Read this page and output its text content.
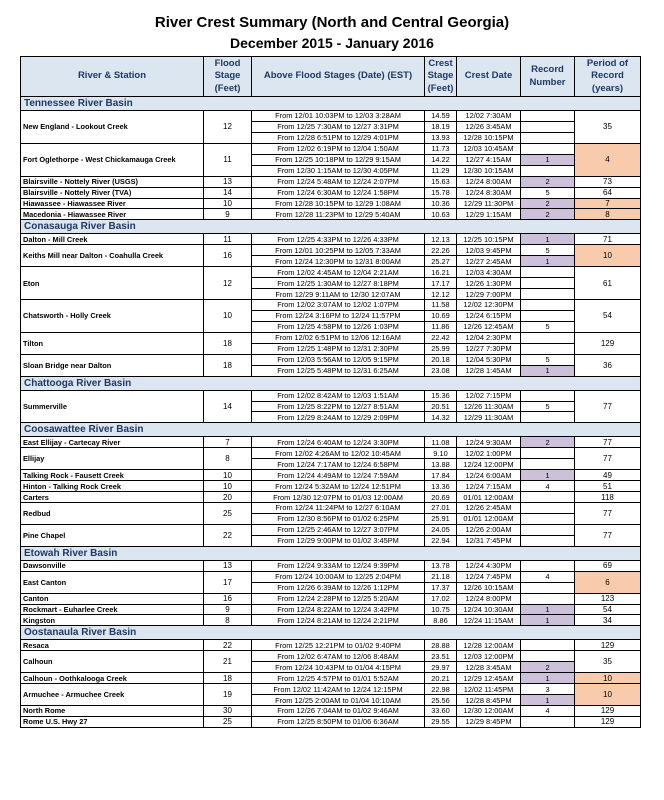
River Crest Summary (North and Central Georgia)
December 2015 - January 2016
River & Station	Flood Stage (Feet)	Above Flood Stages (Date) (EST)	Crest Stage (Feet)	Crest Date	Record Number	Period of Record (years)
Tennessee River Basin						
New England - Lookout Creek	12	From 12/01 10:03PM to 12/03 3:28AM	14.59	12/02 7:30AM		35
		From 12/25 7:30AM to 12/27 3:31PM	18.19	12/26 3:45AM		
		From 12/28 6:51PM to 12/29 4:01PM	13.93	12/28 10:15PM		
Fort Oglethorpe - West Chickamauga Creek	11	From 12/02 6:19PM to 12/04 1:50AM	11.73	12/03 10:45AM		4
		From 12/25 10:18PM to 12/29 9:15AM	14.22	12/27 4:15AM	1	
		From 12/30 1:15AM to 12/30 4:05PM	11.29	12/30 10:15AM		
Blairsville - Nottely River (USGS)	13	From 12/24 5:48AM to 12/24 2:07PM	15.63	12/24 8:00AM	2	73
Blairsville - Nottely River (TVA)	14	From 12/24 6:30AM to 12/24 1:58PM	15.78	12/24 8:30AM	5	64
Hiawassee - Hiawassee River	10	From 12/28 10:15PM to 12/29 1:08AM	10.36	12/29 11:30PM	2	7
Macedonia - Hiawassee River	9	From 12/28 11:23PM to 12/29 5:40AM	10.63	12/29 1:15AM	2	8
Conasauga River Basin						
Dalton - Mill Creek	11	From 12/25 4:33PM to 12/26 4:33PM	12.13	12/25 10:15PM	1	71
Keiths Mill near Dalton - Coahulla Creek	16	From 12/01 10:25PM to 12/05 7:33AM	22.26	12/03 9:45PM	5	10
		From 12/24 12:30PM to 12/31 8:00AM	25.27	12/27 2:45AM	1	
Eton	12	From 12/02 4:45AM to 12/04 2:21AM	16.21	12/03 4:30AM		61
		From 12/25 1:30AM to 12/27 8:18PM	17.17	12/26 1:30PM		
		From 12/29 9:11AM to 12/30 12:07AM	12.12	12/29 7:00PM		
Chatsworth - Holly Creek	10	From 12/02 3:07AM to 12/02 1:07PM	11.58	12/02 12:30PM		54
		From 12/24 3:16PM to 12/24 11:57PM	10.69	12/24 6:15PM		
		From 12/25 4:58PM to 12/26 1:03PM	11.86	12/26 12:45AM	5	
Tilton	18	From 12/02 6:51PM to 12/06 12:16AM	22.42	12/04 2:30PM		129
		From 12/25 1:48PM to 12/31 2:30PM	25.99	12/27 7:30PM		
Sloan Bridge near Dalton	18	From 12/03 5:56AM to 12/05 9:15PM	20.18	12/04 5:30PM	5	36
		From 12/25 5:48PM to 12/31 6:25AM	23.08	12/28 1:45AM	1	
Chattooga River Basin						
Summerville	14	From 12/02 8:42AM to 12/03 1:51AM	15.36	12/02 7:15PM		77
		From 12/25 8:22PM to 12/27 8:51AM	20.51	12/26 11:30AM	5	
		From 12/29 8:24AM to 12/29 2:09PM	14.32	12/29 11:30AM		
Coosawattee River Basin						
East Ellijay - Cartecay River	7	From 12/24 6:40AM to 12/24 3:30PM	11.08	12/24 9:30AM	2	77
Ellijay	8	From 12/02 4:26AM to 12/02 10:45AM	9.10	12/02 1:00PM		77
		From 12/24 7:17AM to 12/24 6:58PM	13.88	12/24 12:00PM		
Talking Rock - Fausett Creek	10	From 12/24 4:49AM to 12/24 7:59AM	17.84	12/24 6:00AM	1	49
Hinton - Talking Rock Creek	10	From 12/24 5:32AM to 12/24 12:51PM	13.36	12/24 7:15AM	4	51
Carters	20	From 12/30 12:07PM to 01/03 12:00AM	20.69	01/01 12:00AM		118
Redbud	25	From 12/24 11:24PM to 12/27 6:10AM	27.01	12/26 2:45AM		77
		From 12/30 8:56PM to 01/02 6:25PM	25.91	01/01 12:00AM		
Pine Chapel	22	From 12/25 2:46AM to 12/27 3:07PM	24.05	12/26 2:00AM		77
		From 12/29 9:00PM to 01/02 3:45PM	22.94	12/31 7:45PM		
Etowah River Basin						
Dawsonville	13	From 12/24 9:33AM to 12/24 9:39PM	13.78	12/24 4:30PM		69
East Canton	17	From 12/24 10:00AM to 12/25 2:04PM	21.18	12/24 7:45PM	4	6
		From 12/26 6:39AM to 12/26 1:12PM	17.37	12/26 10:15AM		
Canton	16	From 12/24 2:28PM to 12/25 5:20AM	17.02	12/24 8:00PM		123
Rockmart - Euharlee Creek	9	From 12/24 8:22AM to 12/24 3:42PM	10.75	12/24 10:30AM	1	54
Kingston	8	From 12/24 8:21AM to 12/24 2:21PM	8.86	12/24 11:15AM	1	34
Oostanaula River Basin						
Resaca	22	From 12/25 12:21PM to 01/02 9:40PM	28.88	12/28 12:00AM		129
Calhoun	21	From 12/02 6:47AM to 12/06 8:48AM	23.51	12/03 12:00PM		35
		From 12/24 10:43PM to 01/04 4:15PM	29.97	12/28 3:45AM	2	
Calhoun - Oothkalooga Creek	18	From 12/25 4:57PM to 01/01 5:52AM	20.21	12/29 12:45AM	1	10
Armuchee - Armuchee Creek	19	From 12/02 11:42AM to 12/24 12:15PM	22.98	12/02 11:45PM	3	10
		From 12/25 2:00AM to 01/04 10:10AM	25.56	12/28 8:45PM	1	
North Rome	30	From 12/26 7:04AM to 01/02 9:46AM	33.60	12/30 12:00AM	4	129
Rome U.S. Hwy 27	25	From 12/25 8:50PM to 01/06 6:36AM	29.55	12/29 8:45PM		129
